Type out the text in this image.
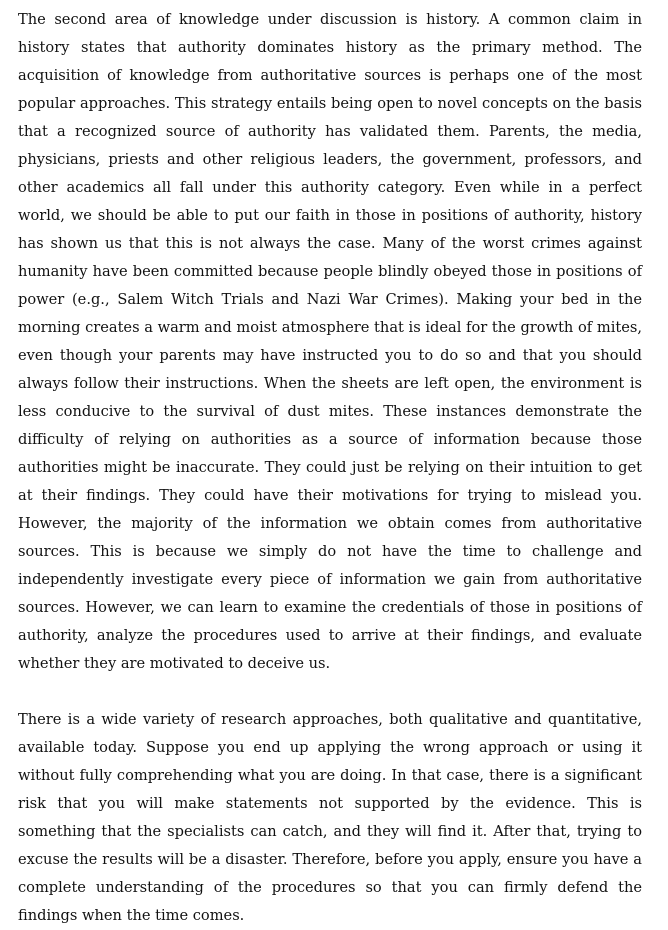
The second area of knowledge under discussion is history. A common claim in history states that authority dominates history as the primary method. The acquisition of knowledge from authoritative sources is perhaps one of the most popular approaches. This strategy entails being open to novel concepts on the basis that a recognized source of authority has validated them. Parents, the media, physicians, priests and other religious leaders, the government, professors, and other academics all fall under this authority category. Even while in a perfect world, we should be able to put our faith in those in positions of authority, history has shown us that this is not always the case. Many of the worst crimes against humanity have been committed because people blindly obeyed those in positions of power (e.g., Salem Witch Trials and Nazi War Crimes). Making your bed in the morning creates a warm and moist atmosphere that is ideal for the growth of mites, even though your parents may have instructed you to do so and that you should always follow their instructions. When the sheets are left open, the environment is less conducive to the survival of dust mites. These instances demonstrate the difficulty of relying on authorities as a source of information because those authorities might be inaccurate. They could just be relying on their intuition to get at their findings. They could have their motivations for trying to mislead you. However, the majority of the information we obtain comes from authoritative sources. This is because we simply do not have the time to challenge and independently investigate every piece of information we gain from authoritative sources. However, we can learn to examine the credentials of those in positions of authority, analyze the procedures used to arrive at their findings, and evaluate whether they are motivated to deceive us.

There is a wide variety of research approaches, both qualitative and quantitative, available today. Suppose you end up applying the wrong approach or using it without fully comprehending what you are doing. In that case, there is a significant risk that you will make statements not supported by the evidence. This is something that the specialists can catch, and they will find it. After that, trying to excuse the results will be a disaster. Therefore, before you apply, ensure you have a complete understanding of the procedures so that you can firmly defend the findings when the time comes.
